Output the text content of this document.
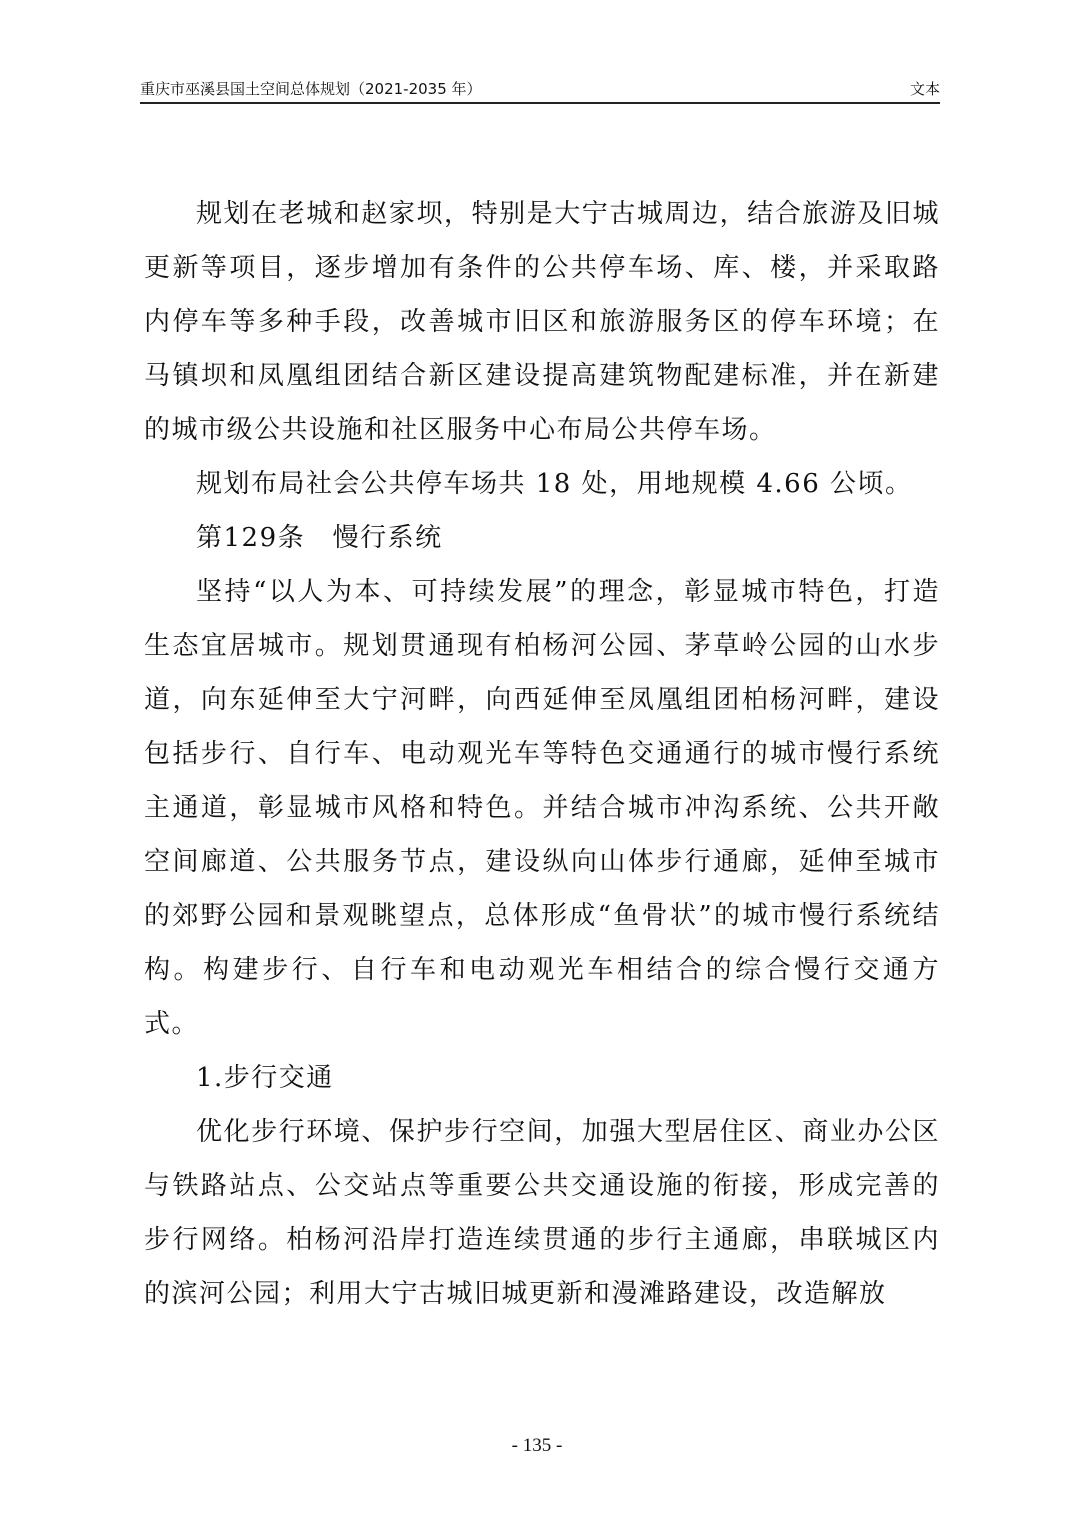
重庆市巫溪县国土空间总体规划（2021-2035 年）	文本

规划在老城和赵家坝，特别是大宁古城周边，结合旅游及旧城更新等项目，逐步增加有条件的公共停车场、库、楼，并采取路内停车等多种手段，改善城市旧区和旅游服务区的停车环境；在马镇坝和凤凰组团结合新区建设提高建筑物配建标准，并在新建的城市级公共设施和社区服务中心布局公共停车场。

规划布局社会公共停车场共 18 处，用地规模 4.66 公顷。

第129条　慢行系统

坚持“以人为本、可持续发展”的理念，彰显城市特色，打造生态宜居城市。规划贯通现有柏杨河公园、茅草岭公园的山水步道，向东延伸至大宁河畔，向西延伸至凤凰组团柏杨河畔，建设包括步行、自行车、电动观光车等特色交通通行的城市慢行系统主通道，彰显城市风格和特色。并结合城市冲沟系统、公共开敞空间廊道、公共服务节点，建设纵向山体步行通廊，延伸至城市的郊野公园和景观眺望点，总体形成“鱼骨状”的城市慢行系统结构。构建步行、自行车和电动观光车相结合的综合慢行交通方式。

1.步行交通

优化步行环境、保护步行空间，加强大型居住区、商业办公区与铁路站点、公交站点等重要公共交通设施的衔接，形成完善的步行网络。柏杨河沿岸打造连续贯通的步行主通廊，串联城区内的滨河公园；利用大宁古城旧城更新和漫滩路建设，改造解放

- 135 -
